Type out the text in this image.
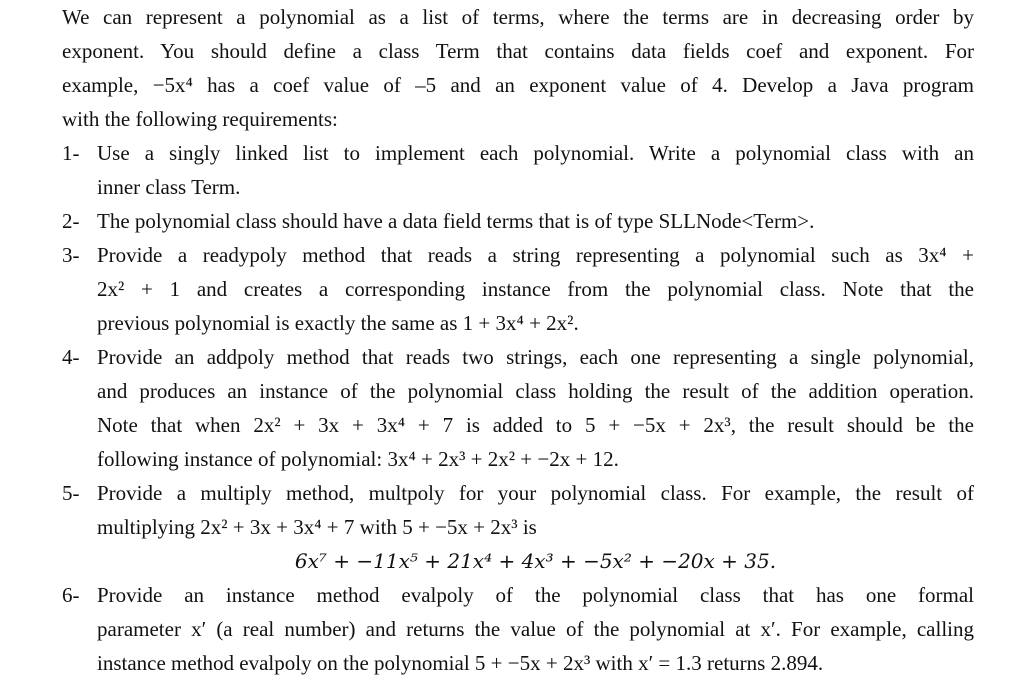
We can represent a polynomial as a list of terms, where the terms are in decreasing order by
exponent. You should define a class Term that contains data fields coef and exponent. For
example, −5x⁴ has a coef value of –5 and an exponent value of 4. Develop a Java program
with the following requirements:
1- Use a singly linked list to implement each polynomial. Write a polynomial class with an
inner class Term.
2- The polynomial class should have a data field terms that is of type SLLNode<Term>.
3- Provide a readypoly method that reads a string representing a polynomial such as 3x⁴ +
2x² + 1 and creates a corresponding instance from the polynomial class. Note that the
previous polynomial is exactly the same as 1 + 3x⁴ + 2x².
4- Provide an addpoly method that reads two strings, each one representing a single polynomial,
and produces an instance of the polynomial class holding the result of the addition operation.
Note that when 2x² + 3x + 3x⁴ + 7 is added to 5 + −5x + 2x³, the result should be the
following instance of polynomial: 3x⁴ + 2x³ + 2x² + −2x + 12.
5- Provide a multiply method, multpoly for your polynomial class. For example, the result of
multiplying 2x² + 3x + 3x⁴ + 7 with 5 + −5x + 2x³ is
6x⁷ + −11x⁵ + 21x⁴ + 4x³ + −5x² + −20x + 35.
6- Provide an instance method evalpoly of the polynomial class that has one formal
parameter x′ (a real number) and returns the value of the polynomial at x′. For example, calling
instance method evalpoly on the polynomial 5 + −5x + 2x³ with x′ = 1.3 returns 2.894.
